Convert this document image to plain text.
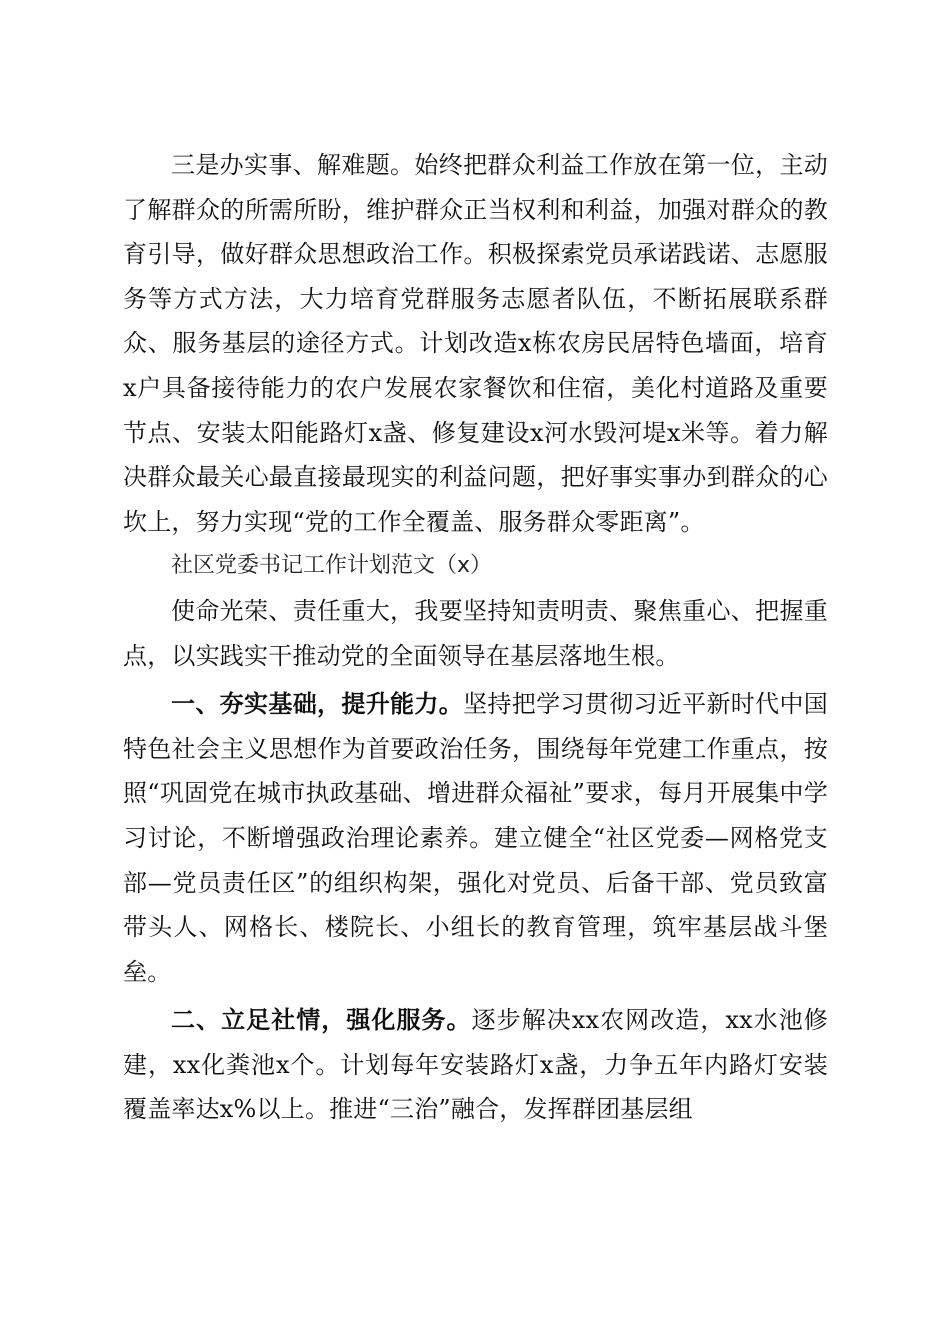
三是办实事、解难题。始终把群众利益工作放在第一位，主动了解群众的所需所盼，维护群众正当权利和利益，加强对群众的教育引导，做好群众思想政治工作。积极探索党员承诺践诺、志愿服务等方式方法，大力培育党群服务志愿者队伍，不断拓展联系群众、服务基层的途径方式。计划改造x栋农房民居特色墙面，培育x户具备接待能力的农户发展农家餐饮和住宿，美化村道路及重要节点、安装太阳能路灯x盏、修复建设x河水毁河堤x米等。着力解决群众最关心最直接最现实的利益问题，把好事实事办到群众的心坎上，努力实现“党的工作全覆盖、服务群众零距离”。

社区党委书记工作计划范文（x）

使命光荣、责任重大，我要坚持知责明责、聚焦重心、把握重点，以实践实干推动党的全面领导在基层落地生根。

一、夯实基础，提升能力。坚持把学习贯彻习近平新时代中国特色社会主义思想作为首要政治任务，围绕每年党建工作重点，按照“巩固党在城市执政基础、增进群众福祉”要求，每月开展集中学习讨论，不断增强政治理论素养。建立健全“社区党委—网格党支部—党员责任区”的组织构架，强化对党员、后备干部、党员致富带头人、网格长、楼院长、小组长的教育管理，筑牢基层战斗堡垒。

二、立足社情，强化服务。逐步解决xx农网改造，xx水池修建，xx化粪池x个。计划每年安装路灯x盏，力争五年内路灯安装覆盖率达x%以上。推进“三治”融合，发挥群团基层组
